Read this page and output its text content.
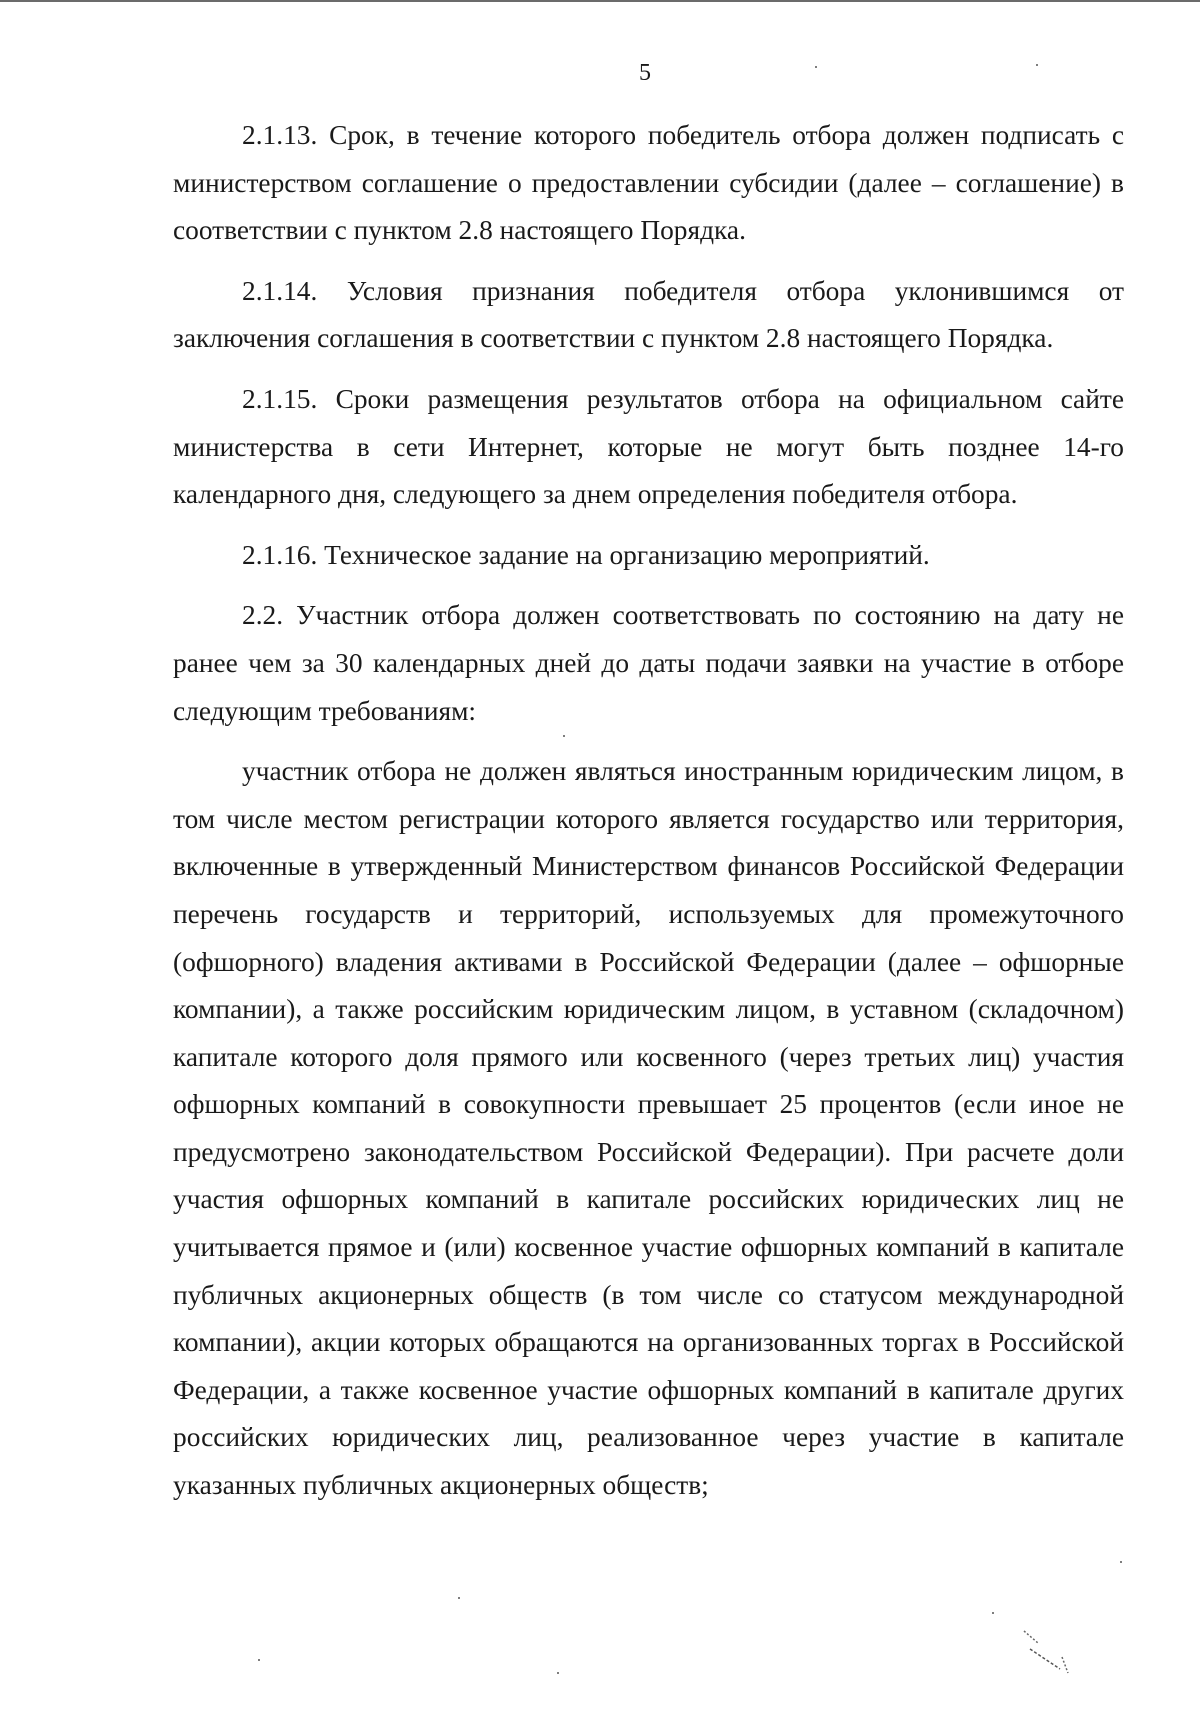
5

2.1.13. Срок, в течение которого победитель отбора должен подписать с министерством соглашение о предоставлении субсидии (далее – соглашение) в соответствии с пунктом 2.8 настоящего Порядка.

2.1.14. Условия признания победителя отбора уклонившимся от заключения соглашения в соответствии с пунктом 2.8 настоящего Порядка.

2.1.15. Сроки размещения результатов отбора на официальном сайте министерства в сети Интернет, которые не могут быть позднее 14-го календарного дня, следующего за днем определения победителя отбора.

2.1.16. Техническое задание на организацию мероприятий.

2.2. Участник отбора должен соответствовать по состоянию на дату не ранее чем за 30 календарных дней до даты подачи заявки на участие в отборе следующим требованиям:

участник отбора не должен являться иностранным юридическим лицом, в том числе местом регистрации которого является государство или территория, включенные в утвержденный Министерством финансов Российской Федерации перечень государств и территорий, используемых для промежуточного (офшорного) владения активами в Российской Федерации (далее – офшорные компании), а также российским юридическим лицом, в уставном (складочном) капитале которого доля прямого или косвенного (через третьих лиц) участия офшорных компаний в совокупности превышает 25 процентов (если иное не предусмотрено законодательством Российской Федерации). При расчете доли участия офшорных компаний в капитале российских юридических лиц не учитывается прямое и (или) косвенное участие офшорных компаний в капитале публичных акционерных обществ (в том числе со статусом международной компании), акции которых обращаются на организованных торгах в Российской Федерации, а также косвенное участие офшорных компаний в капитале других российских юридических лиц, реализованное через участие в капитале указанных публичных акционерных обществ;
